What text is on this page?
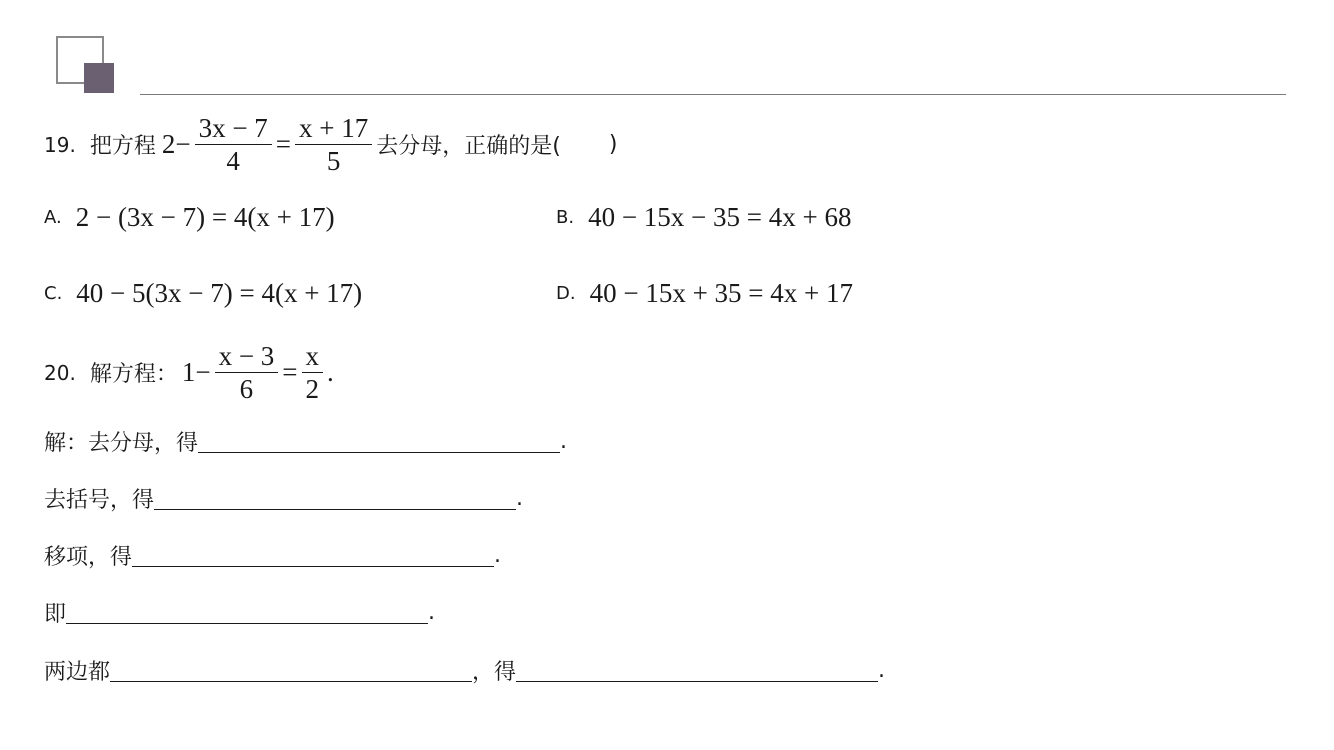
19. 把方程 $2- \frac{3x - 7}{4} = \frac{x + 17}{5}$ 去分母，正确的是( )
A. 2 − (3x − 7) = 4(x + 17)	B. 40 − 15x − 35 = 4x + 68
C. 40 − 5(3x − 7) = 4(x + 17)	D. 40 − 15x + 35 = 4x + 17
20. 解方程： $1- \frac{x - 3}{6} = \frac{x}{2}$ .
解：去分母，得	.
去括号，得	.
移项，得	.
即	.
两边都	，得	.
